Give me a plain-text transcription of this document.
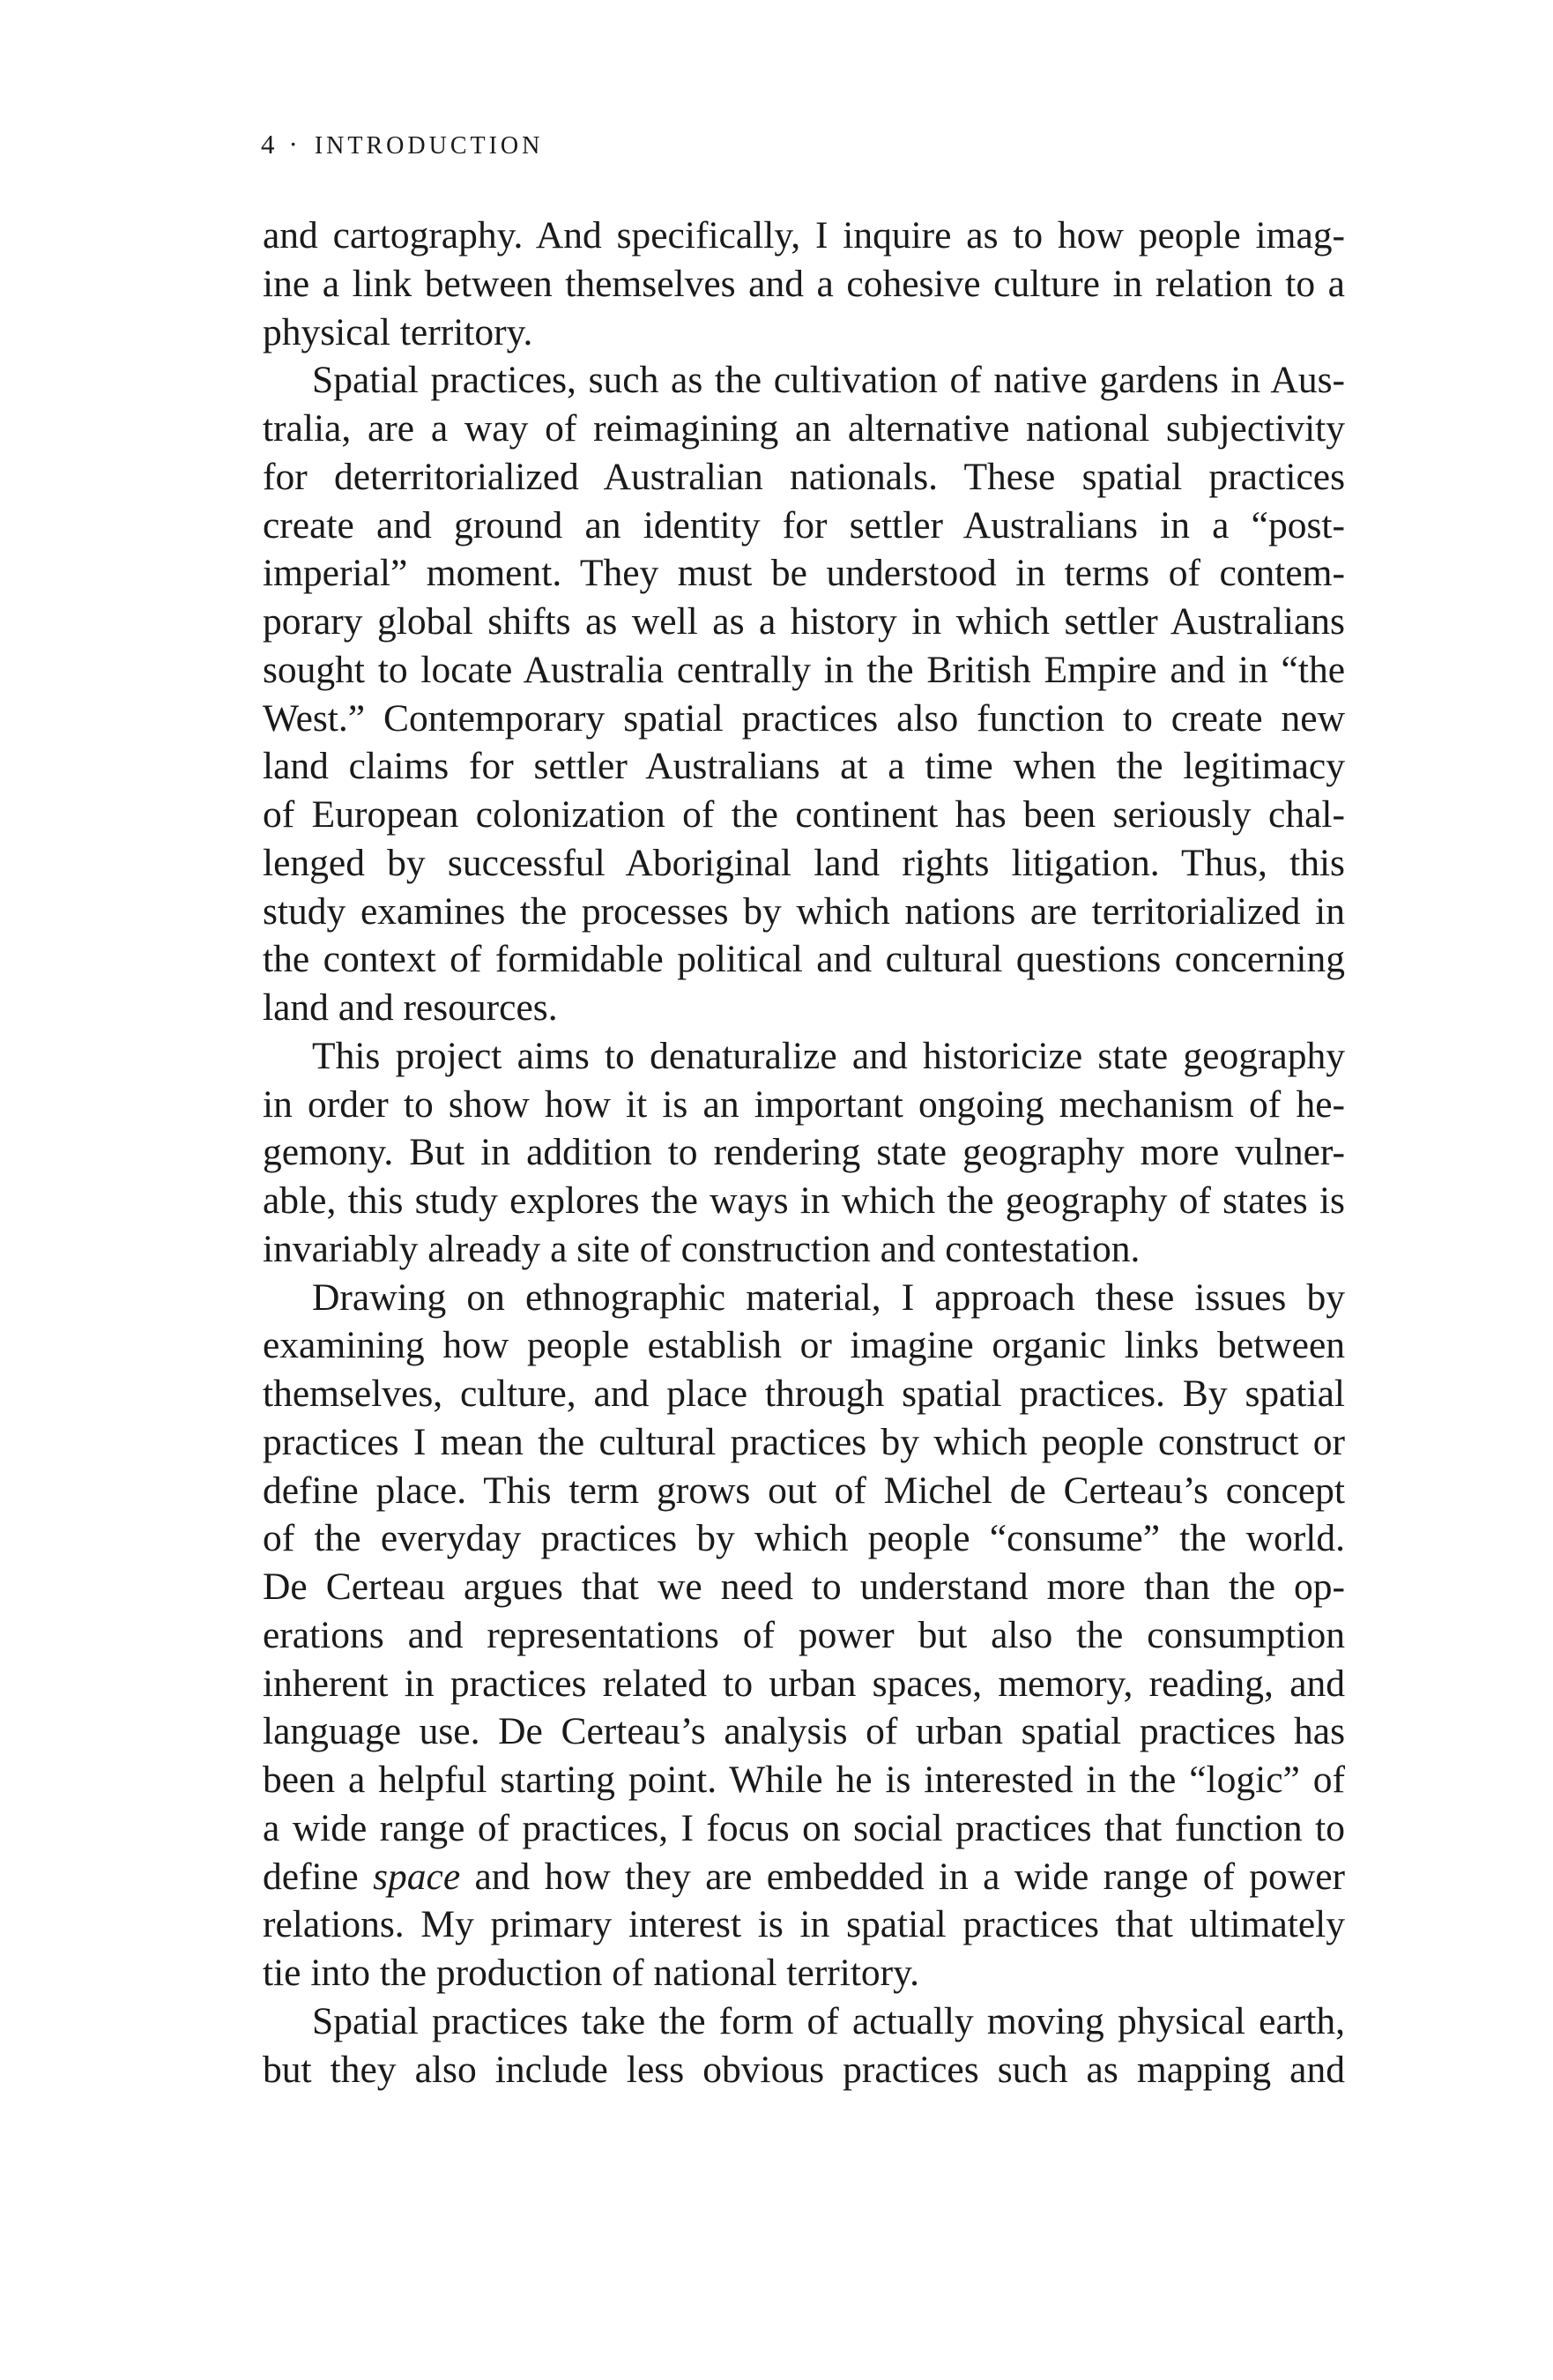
4 · INTRODUCTION
and cartography. And specifically, I inquire as to how people imag-
ine a link between themselves and a cohesive culture in relation to a
physical territory.
Spatial practices, such as the cultivation of native gardens in Aus-
tralia, are a way of reimagining an alternative national subjectivity
for deterritorialized Australian nationals. These spatial practices
create and ground an identity for settler Australians in a “post-
imperial” moment. They must be understood in terms of contem-
porary global shifts as well as a history in which settler Australians
sought to locate Australia centrally in the British Empire and in “the
West.” Contemporary spatial practices also function to create new
land claims for settler Australians at a time when the legitimacy
of European colonization of the continent has been seriously chal-
lenged by successful Aboriginal land rights litigation. Thus, this
study examines the processes by which nations are territorialized in
the context of formidable political and cultural questions concerning
land and resources.
This project aims to denaturalize and historicize state geography
in order to show how it is an important ongoing mechanism of he-
gemony. But in addition to rendering state geography more vulner-
able, this study explores the ways in which the geography of states is
invariably already a site of construction and contestation.
Drawing on ethnographic material, I approach these issues by
examining how people establish or imagine organic links between
themselves, culture, and place through spatial practices. By spatial
practices I mean the cultural practices by which people construct or
define place. This term grows out of Michel de Certeau’s concept
of the everyday practices by which people “consume” the world.
De Certeau argues that we need to understand more than the op-
erations and representations of power but also the consumption
inherent in practices related to urban spaces, memory, reading, and
language use. De Certeau’s analysis of urban spatial practices has
been a helpful starting point. While he is interested in the “logic” of
a wide range of practices, I focus on social practices that function to
define space and how they are embedded in a wide range of power
relations. My primary interest is in spatial practices that ultimately
tie into the production of national territory.
Spatial practices take the form of actually moving physical earth,
but they also include less obvious practices such as mapping and
